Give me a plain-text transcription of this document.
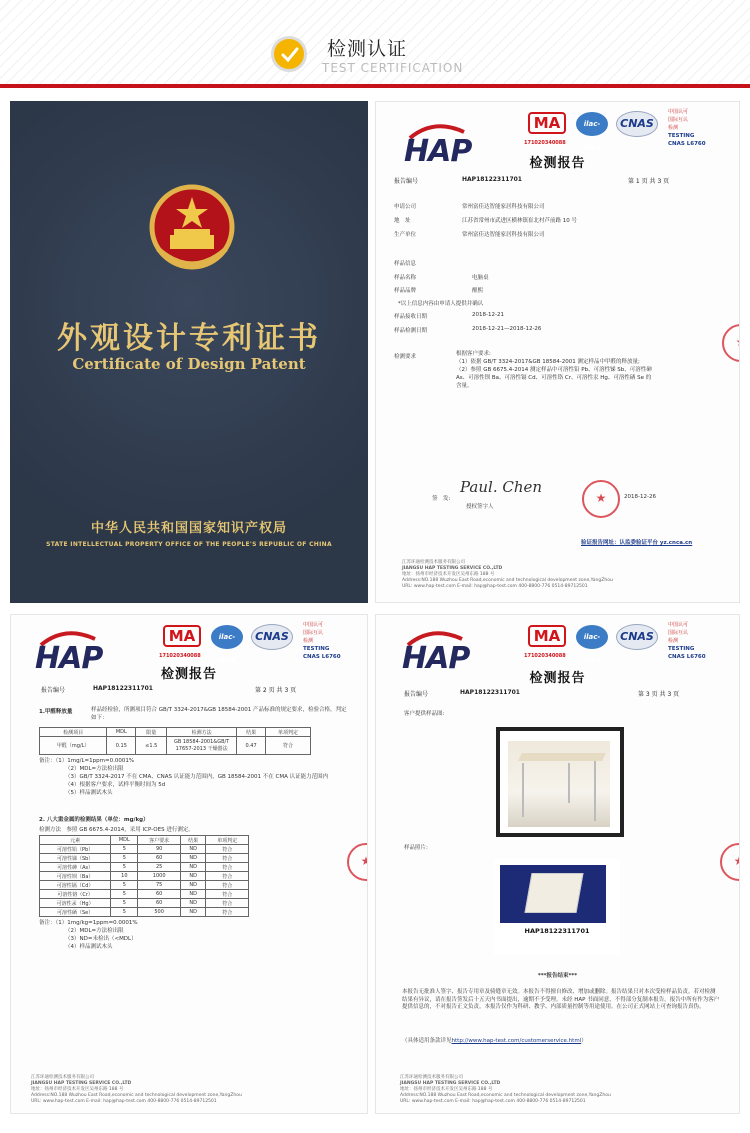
检测认证
TEST CERTIFICATION
外观设计专利证书
Certificate of Design Patent
中华人民共和国国家知识产权局
STATE INTELLECTUAL PROPERTY OFFICE OF THE PEOPLE'S REPUBLIC OF CHINA
HAP
MA
171020340088
ilac-MRA
CNAS
中国认可
国际互认
检测
TESTING
CNAS L6760
检测报告
报告编号	HAP18122311701	第 1 页 共 3 页
申请公司	常州富佳达智能家居科技有限公司
地　址	江苏省常州市武进区横林镇崔北村芦前路 10 号
生产单位	常州富佳达智能家居科技有限公司
样品信息
样品名称	电脑桌
样品品牌	醒熙
*以上信息内容由申请人提供并确认
样品接收日期	2018-12-21
样品检测日期	2018-12-21—2018-12-26
检测要求	根据客户要求:
（1）依据 GB/T 3324-2017&GB 18584-2001 测定样品中甲醛的释放量;
（2）参照 GB 6675.4-2014 测定样品中可溶性铅 Pb、可溶性锑 Sb、可溶性砷
As、可溶性钡 Ba、可溶性镉 Cd、可溶性铬 Cr、可溶性汞 Hg、可溶性硒 Se 的
含量。
签　发:
Paul. Chen
授权签字人
★
2018-12-26
验证报告网址：认监委验证平台 yz.cnca.cn
★
江苏环通检测技术服务有限公司
JIANGSU HAP TESTING SERVICE CO.,LTD
地址：扬州市经济技术开发区吴州东路 188 号
Address:NO.188 Wuzhou East Road,economic and technological development zone,YangZhou
URL: www.hap-test.com E-mail: hap@hap-test.com 400-8800-776 0514-89712501
HAP
MA
171020340088
ilac-MRA
CNAS
中国认可
国际互认
检测
TESTING
CNAS L6760
检测报告
报告编号	HAP18122311701	第 2 页 共 3 页
1.甲醛释放量	样品经检验，所测项目符合 GB/T 3324-2017&GB 18584-2001 产品标准的规定要求，检验合格。判定如下：
检测项目	MDL	限量	检测方法	结果	单项判定
甲醛（mg/L）	0.15	≤1.5	GB 18584-2001&GB/T 17657-2013 干燥器法	0.47	符合
备注：（1）1mg/L=1ppm=0.0001%
（2）MDL=方法检出限
（3）GB/T 3324-2017 不在 CMA、CNAS 认证能力范围内，GB 18584-2001 不在 CMA 认证能力范围内
（4）根据客户要求，试样平衡时间为 5d
（5）样品测试木头
2. 八大重金属的检测结果（单位：mg/kg）
检测方法　参照 GB 6675.4-2014，采用 ICP-OES 进行测定。
元素	MDL	客户要求	结果	单项判定
可溶性铅（Pb）	5	90	ND	符合
可溶性锑（Sb）	5	60	ND	符合
可溶性砷（As）	5	25	ND	符合
可溶性钡（Ba）	10	1000	ND	符合
可溶性镉（Cd）	5	75	ND	符合
可溶性铬（Cr）	5	60	ND	符合
可溶性汞（Hg）	5	60	ND	符合
可溶性硒（Se）	5	500	ND	符合
备注：（1）1mg/kg=1ppm=0.0001%
（2）MDL=方法检出限
（3）ND=未检出（<MDL）
（4）样品测试木头
★
江苏环通检测技术服务有限公司
JIANGSU HAP TESTING SERVICE CO.,LTD
地址：扬州市经济技术开发区吴州东路 188 号
Address:NO.188 Wuzhou East Road,economic and technological development zone,YangZhou
URL: www.hap-test.com E-mail: hap@hap-test.com 400-8800-776 0514-89712501
HAP
MA
171020340088
ilac-MRA
CNAS
中国认可
国际互认
检测
TESTING
CNAS L6760
检测报告
报告编号	HAP18122311701	第 3 页 共 3 页
客户提供样品图:
样品照片:
HAP18122311701
***报告结束***
本报告无批准人签字、报告专用章及骑缝章无效。本报告不得擅自修改、增加或删除。报告结果只对本次受检样品负责。若对检测结果有异议，请在报告签发后十五天内书面提出，逾期不予受理。未经 HAP 书面同意，不得部分复制本报告。报告中所有作为客户提供信息的，不对报告正文负责。本报告仅作为科研、教学、内部质量控制等用途使用。在公司正式网站上可查询报告真伪。
（具体适用条款详见http://www.hap-test.com/customerservice.html）
★
江苏环通检测技术服务有限公司
JIANGSU HAP TESTING SERVICE CO.,LTD
地址：扬州市经济技术开发区吴州东路 188 号
Address:NO.188 Wuzhou East Road,economic and technological development zone,YangZhou
URL: www.hap-test.com E-mail: hap@hap-test.com 400-8800-776 0514-89712501
